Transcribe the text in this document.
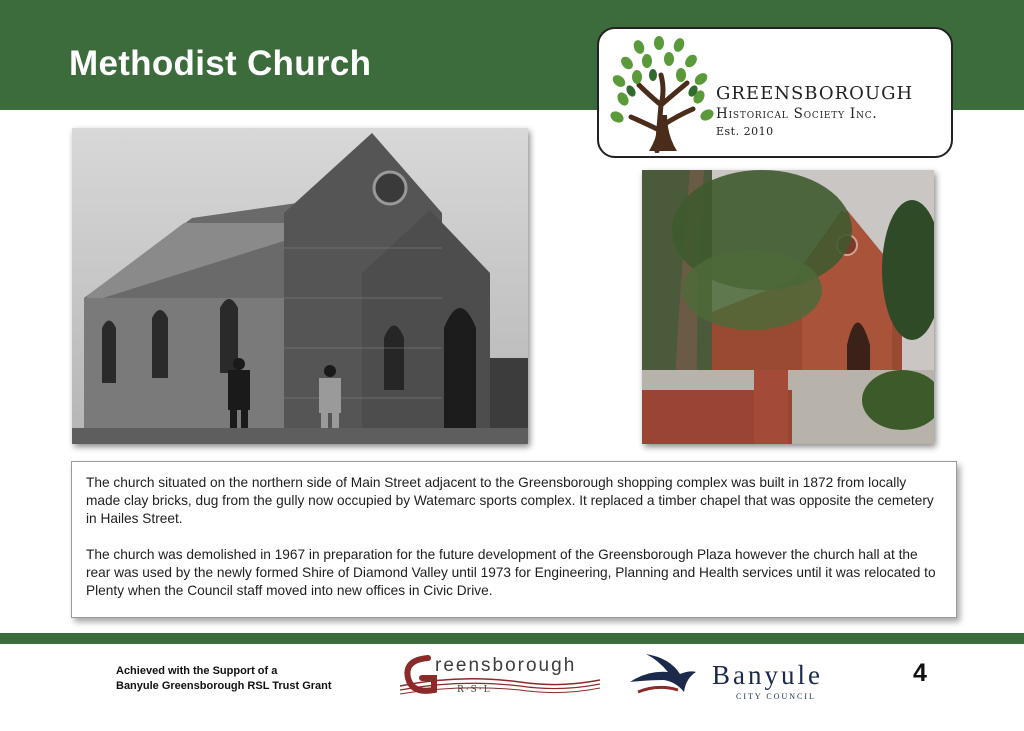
Methodist Church
GREENSBOROUGH
Historical Society Inc.
Est. 2010

The church situated on the northern side of Main Street adjacent to the Greensborough shopping complex was built in 1872 from locally made clay bricks, dug from the gully now occupied by Watemarc sports complex. It replaced a timber chapel that was opposite the cemetery in Hailes Street.

The church was demolished in 1967 in preparation for the future development of the Greensborough Plaza however the church hall at the rear was used by the newly formed Shire of Diamond Valley until 1973 for Engineering, Planning and Health services until it was relocated to Plenty when the Council staff moved into new offices in Civic Drive.

Achieved with the Support of a
Banyule Greensborough RSL Trust Grant
reensborough
R·S·L	Banyule
CITY COUNCIL
4
